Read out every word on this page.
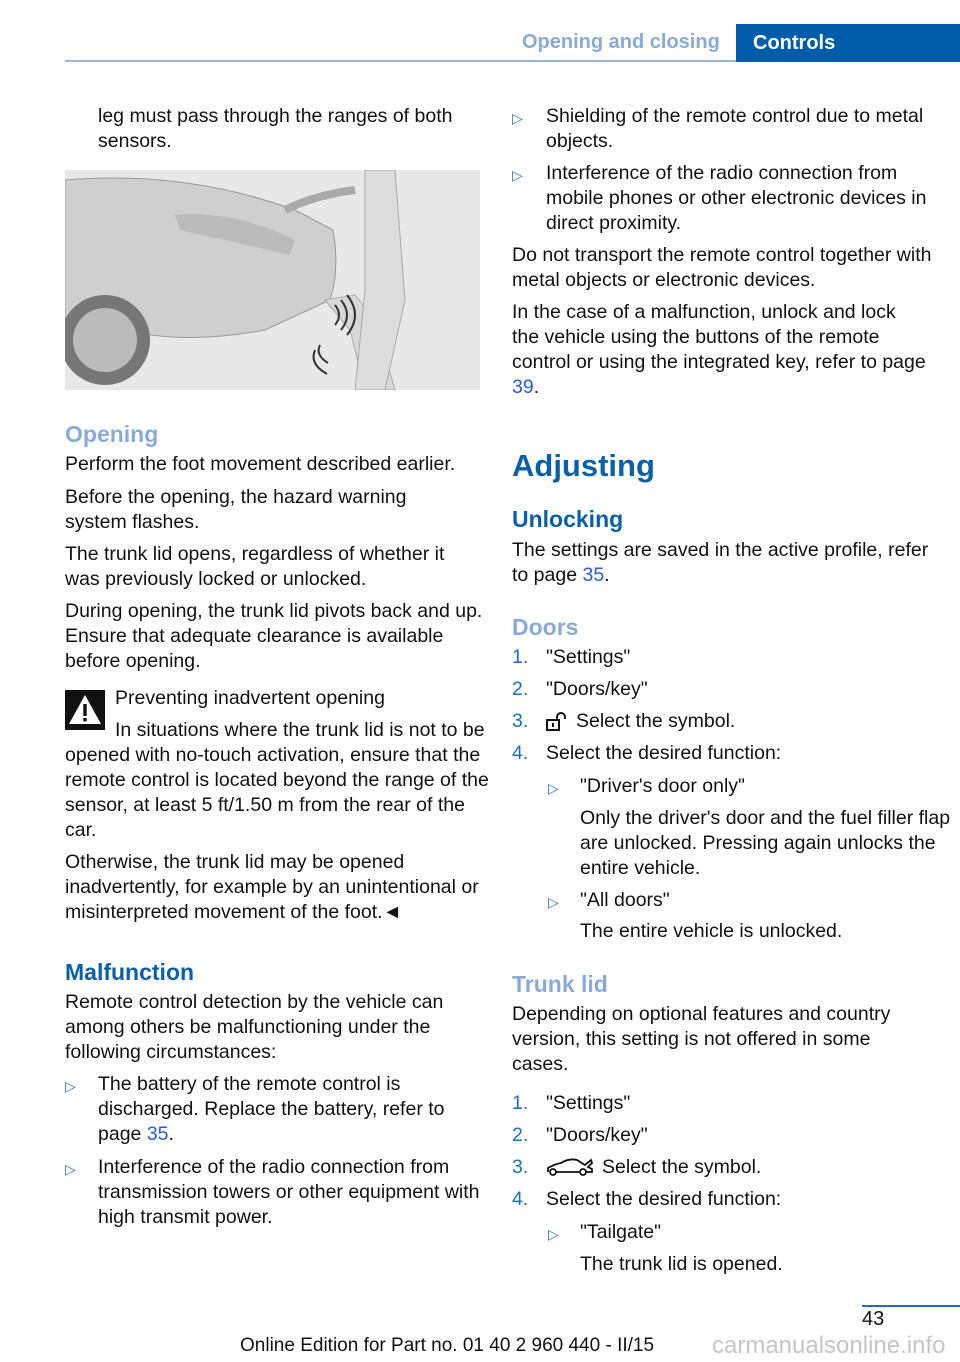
Opening and closing Controls
leg must pass through the ranges of both sensors.
Opening
Perform the foot movement described earlier.
Before the opening, the hazard warning system flashes.
The trunk lid opens, regardless of whether it was previously locked or unlocked.
During opening, the trunk lid pivots back and up. Ensure that adequate clearance is available before opening.
Preventing inadvertent opening
In situations where the trunk lid is not to be opened with no-touch activation, ensure that the remote control is located beyond the range of the sensor, at least 5 ft/1.50 m from the rear of the car.
Otherwise, the trunk lid may be opened inadvertently, for example by an unintentional or misinterpreted movement of the foot.◄
Malfunction
Remote control detection by the vehicle can among others be malfunctioning under the following circumstances:
▷ The battery of the remote control is discharged. Replace the battery, refer to page 35.
▷ Interference of the radio connection from transmission towers or other equipment with high transmit power.
▷ Shielding of the remote control due to metal objects.
▷ Interference of the radio connection from mobile phones or other electronic devices in direct proximity.
Do not transport the remote control together with metal objects or electronic devices.
In the case of a malfunction, unlock and lock the vehicle using the buttons of the remote control or using the integrated key, refer to page 39.
Adjusting
Unlocking
The settings are saved in the active profile, refer to page 35.
Doors
1. "Settings"
2. "Doors/key"
3. Select the symbol.
4. Select the desired function:
▷ "Driver's door only"
Only the driver's door and the fuel filler flap are unlocked. Pressing again unlocks the entire vehicle.
▷ "All doors"
The entire vehicle is unlocked.
Trunk lid
Depending on optional features and country version, this setting is not offered in some cases.
1. "Settings"
2. "Doors/key"
3.	Select the symbol.
4. Select the desired function:
▷ "Tailgate"
The trunk lid is opened.
43
Online Edition for Part no. 01 40 2 960 440 - II/15 carmanualsonline.info
